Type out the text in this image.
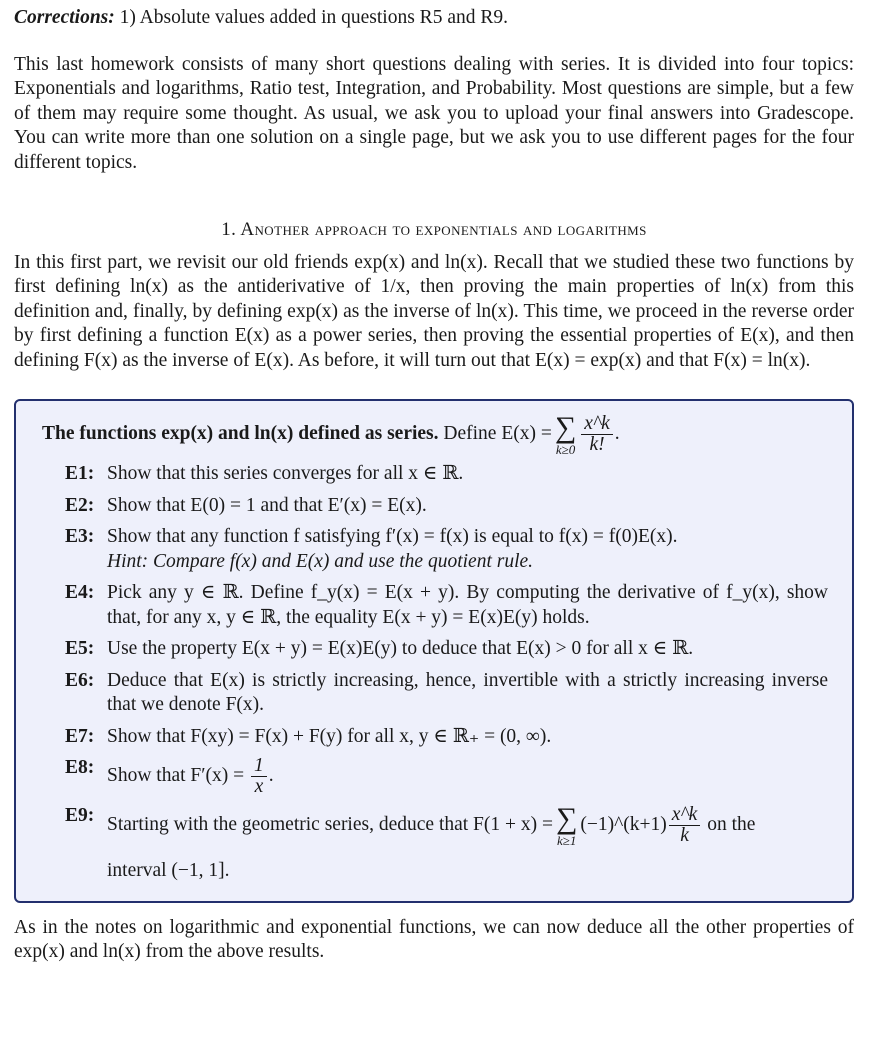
Corrections: 1) Absolute values added in questions R5 and R9.

This last homework consists of many short questions dealing with series. It is divided into four topics: Exponentials and logarithms, Ratio test, Integration, and Probability. Most questions are simple, but a few of them may require some thought. As usual, we ask you to upload your final answers into Gradescope. You can write more than one solution on a single page, but we ask you to use different pages for the four different topics.

1. Another approach to exponentials and logarithms

In this first part, we revisit our old friends exp(x) and ln(x). Recall that we studied these two functions by first defining ln(x) as the antiderivative of 1/x, then proving the main properties of ln(x) from this definition and, finally, by defining exp(x) as the inverse of ln(x). This time, we proceed in the reverse order by first defining a function E(x) as a power series, then proving the essential properties of E(x), and then defining F(x) as the inverse of E(x). As before, it will turn out that E(x) = exp(x) and that F(x) = ln(x).

The functions exp(x) and ln(x) defined as series.
Define E(x) = ∑
$k\ge 0 \frac{x\^{}k}{k!}$ .
E1: Show that this series converges for all x ∈ ℝ.
E2: Show that E(0) = 1 and that E′(x) = E(x).
E3: Show that any function f satisfying f′(x) = f(x) is equal to f(x) = f(0)E(x).
Hint: Compare f(x) and E(x) and use the quotient rule.
E4: Pick any y ∈ ℝ. Define f_y(x) = E(x + y). By computing the derivative of f_y(x), show that, for any x, y ∈ ℝ, the equality E(x + y) = E(x)E(y) holds.
E5: Use the property E(x + y) = E(x)E(y) to deduce that E(x) > 0 for all x ∈ ℝ.
E6: Deduce that E(x) is strictly increasing, hence, invertible with a strictly increasing inverse that we denote F(x).
E7: Show that F(xy) = F(x) + F(y) for all x, y ∈ ℝ₊ = (0, ∞).
E8: Show that $F'(x) = \frac{1}{x}$ .
E9: Starting with the geometric series, deduce that F(1 + x) = ∑
k≥1
(−1)^(k+1) $\frac{x\^{}k}{k}$
on the
interval (−1, 1].

As in the notes on logarithmic and exponential functions, we can now deduce all the other properties of exp(x) and ln(x) from the above results.
